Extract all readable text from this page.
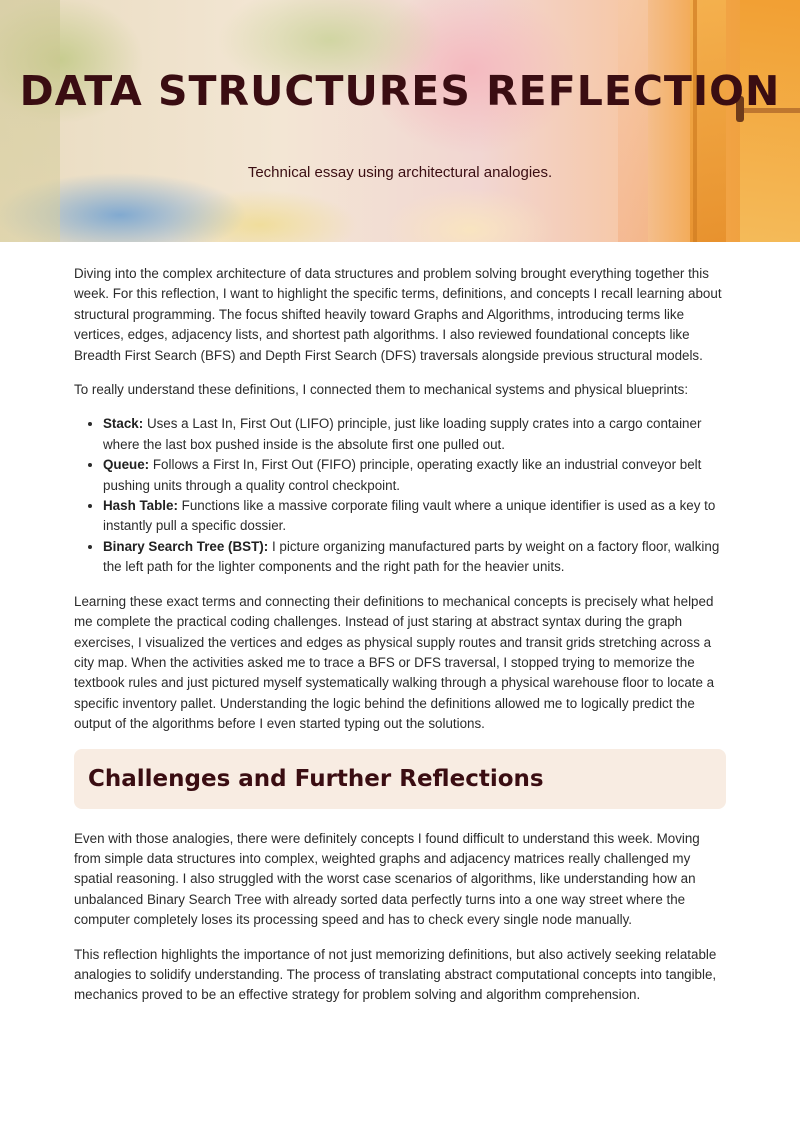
DATA STRUCTURES REFLECTION

Technical essay using architectural analogies.

Diving into the complex architecture of data structures and problem solving brought everything together this week. For this reflection, I want to highlight the specific terms, definitions, and concepts I recall learning about structural programming. The focus shifted heavily toward Graphs and Algorithms, introducing terms like vertices, edges, adjacency lists, and shortest path algorithms. I also reviewed foundational concepts like Breadth First Search (BFS) and Depth First Search (DFS) traversals alongside previous structural models.

To really understand these definitions, I connected them to mechanical systems and physical blueprints:

• Stack: Uses a Last In, First Out (LIFO) principle, just like loading supply crates into a cargo container where the last box pushed inside is the absolute first one pulled out.
• Queue: Follows a First In, First Out (FIFO) principle, operating exactly like an industrial conveyor belt pushing units through a quality control checkpoint.
• Hash Table: Functions like a massive corporate filing vault where a unique identifier is used as a key to instantly pull a specific dossier.
• Binary Search Tree (BST): I picture organizing manufactured parts by weight on a factory floor, walking the left path for the lighter components and the right path for the heavier units.

Learning these exact terms and connecting their definitions to mechanical concepts is precisely what helped me complete the practical coding challenges. Instead of just staring at abstract syntax during the graph exercises, I visualized the vertices and edges as physical supply routes and transit grids stretching across a city map. When the activities asked me to trace a BFS or DFS traversal, I stopped trying to memorize the textbook rules and just pictured myself systematically walking through a physical warehouse floor to locate a specific inventory pallet. Understanding the logic behind the definitions allowed me to logically predict the output of the algorithms before I even started typing out the solutions.

Challenges and Further Reflections

Even with those analogies, there were definitely concepts I found difficult to understand this week. Moving from simple data structures into complex, weighted graphs and adjacency matrices really challenged my spatial reasoning. I also struggled with the worst case scenarios of algorithms, like understanding how an unbalanced Binary Search Tree with already sorted data perfectly turns into a one way street where the computer completely loses its processing speed and has to check every single node manually.

This reflection highlights the importance of not just memorizing definitions, but also actively seeking relatable analogies to solidify understanding. The process of translating abstract computational concepts into tangible, mechanics proved to be an effective strategy for problem solving and algorithm comprehension.
